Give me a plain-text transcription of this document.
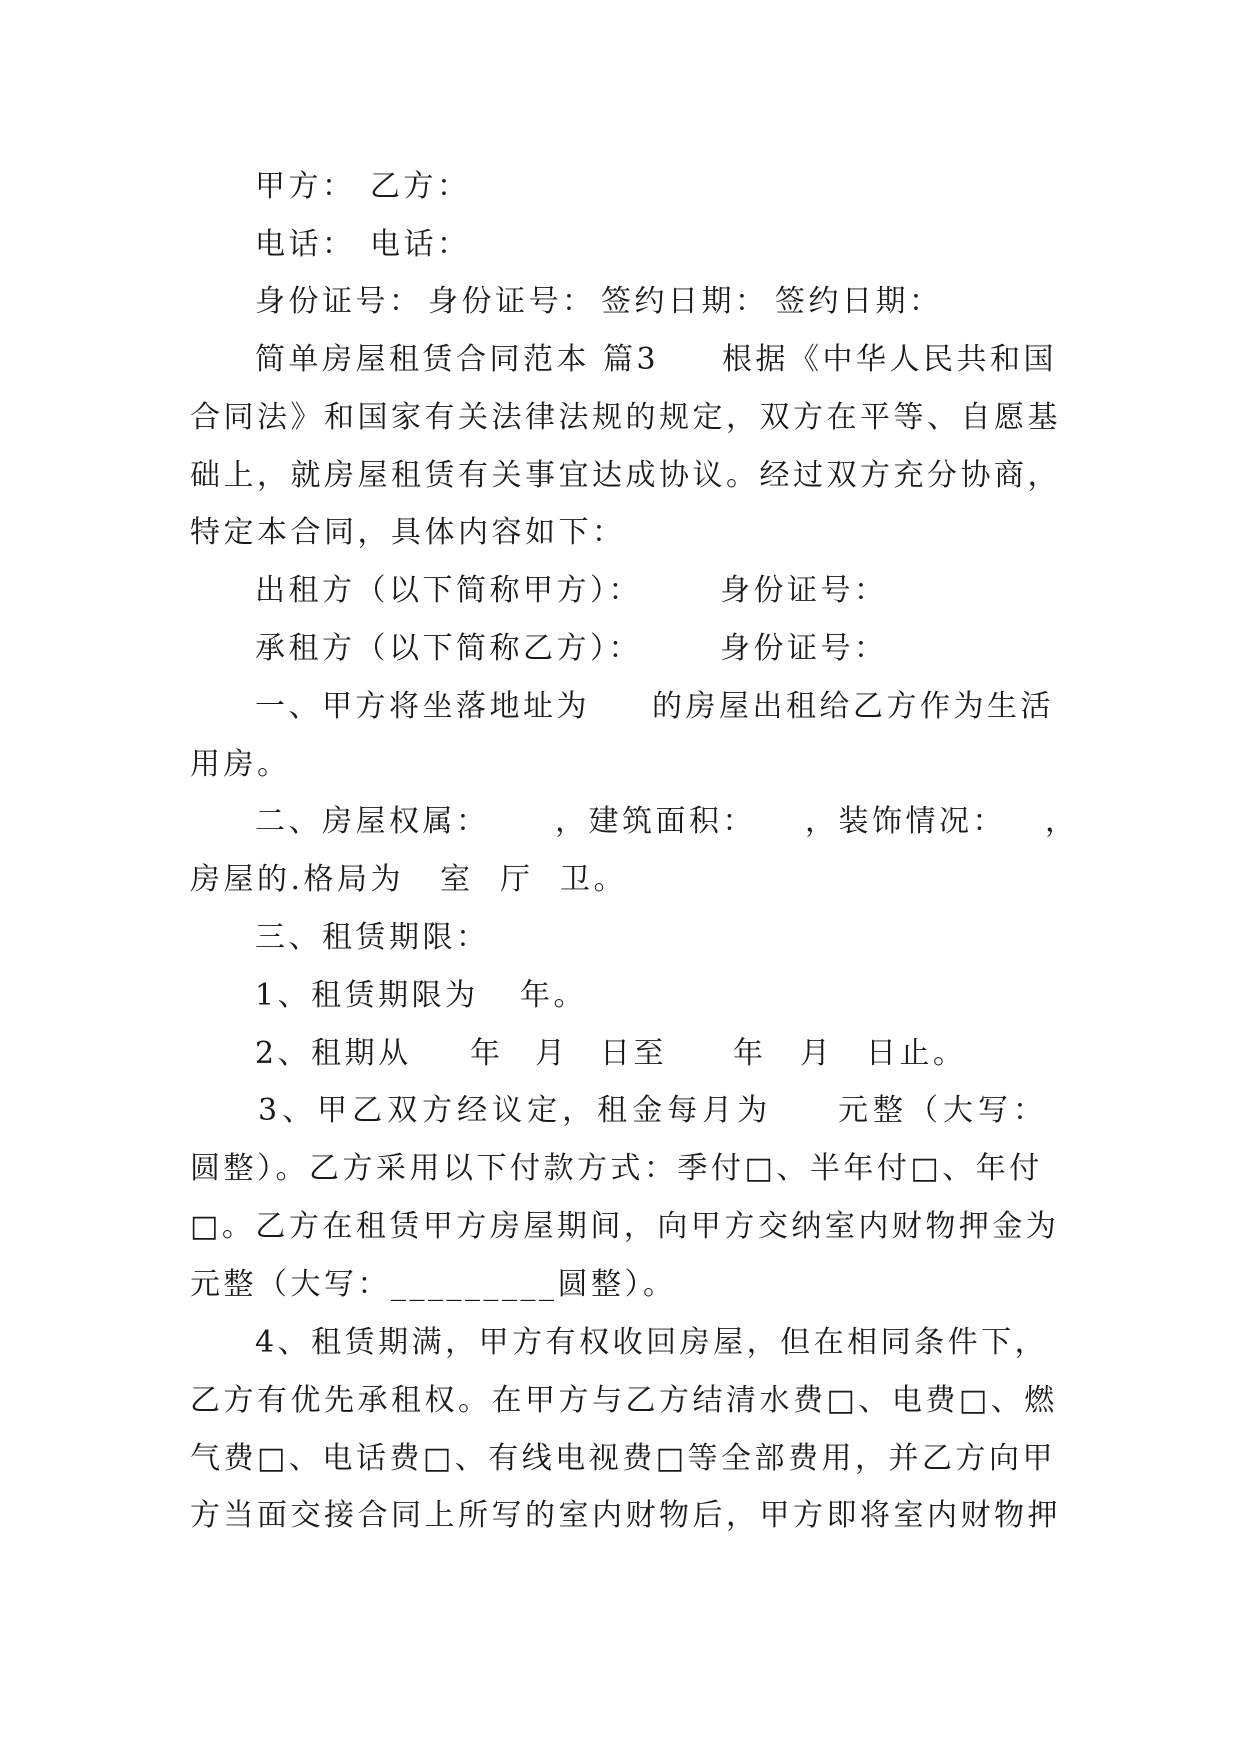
甲方： 乙方：
电话： 电话：
身份证号： 身份证号： 签约日期： 签约日期：
简单房屋租赁合同范本 篇3 根据《中华人民共和国
合同法》和国家有关法律法规的规定，双方在平等、自愿基
础上，就房屋租赁有关事宜达成协议。经过双方充分协商，
特定本合同，具体内容如下：
出租方（以下简称甲方）：	身份证号：
承租方（以下简称乙方）：	身份证号：
一、甲方将坐落地址为 的房屋出租给乙方作为生活
用房。
二、房屋权属： ，建筑面积： ，装饰情况： ，
房屋的.格局为 室 厅 卫。
三、租赁期限：
1、租赁期限为 年。
2、租期从 年 月 日至 年 月 日止。
3、甲乙双方经议定，租金每月为 元整（大写：
圆整）。乙方采用以下付款方式：季付□、半年付□、年付
□。乙方在租赁甲方房屋期间，向甲方交纳室内财物押金为
元整（大写：_________圆整）。
4、租赁期满，甲方有权收回房屋，但在相同条件下，
乙方有优先承租权。在甲方与乙方结清水费□、电费□、燃
气费□、电话费□、有线电视费□等全部费用，并乙方向甲
方当面交接合同上所写的室内财物后，甲方即将室内财物押
